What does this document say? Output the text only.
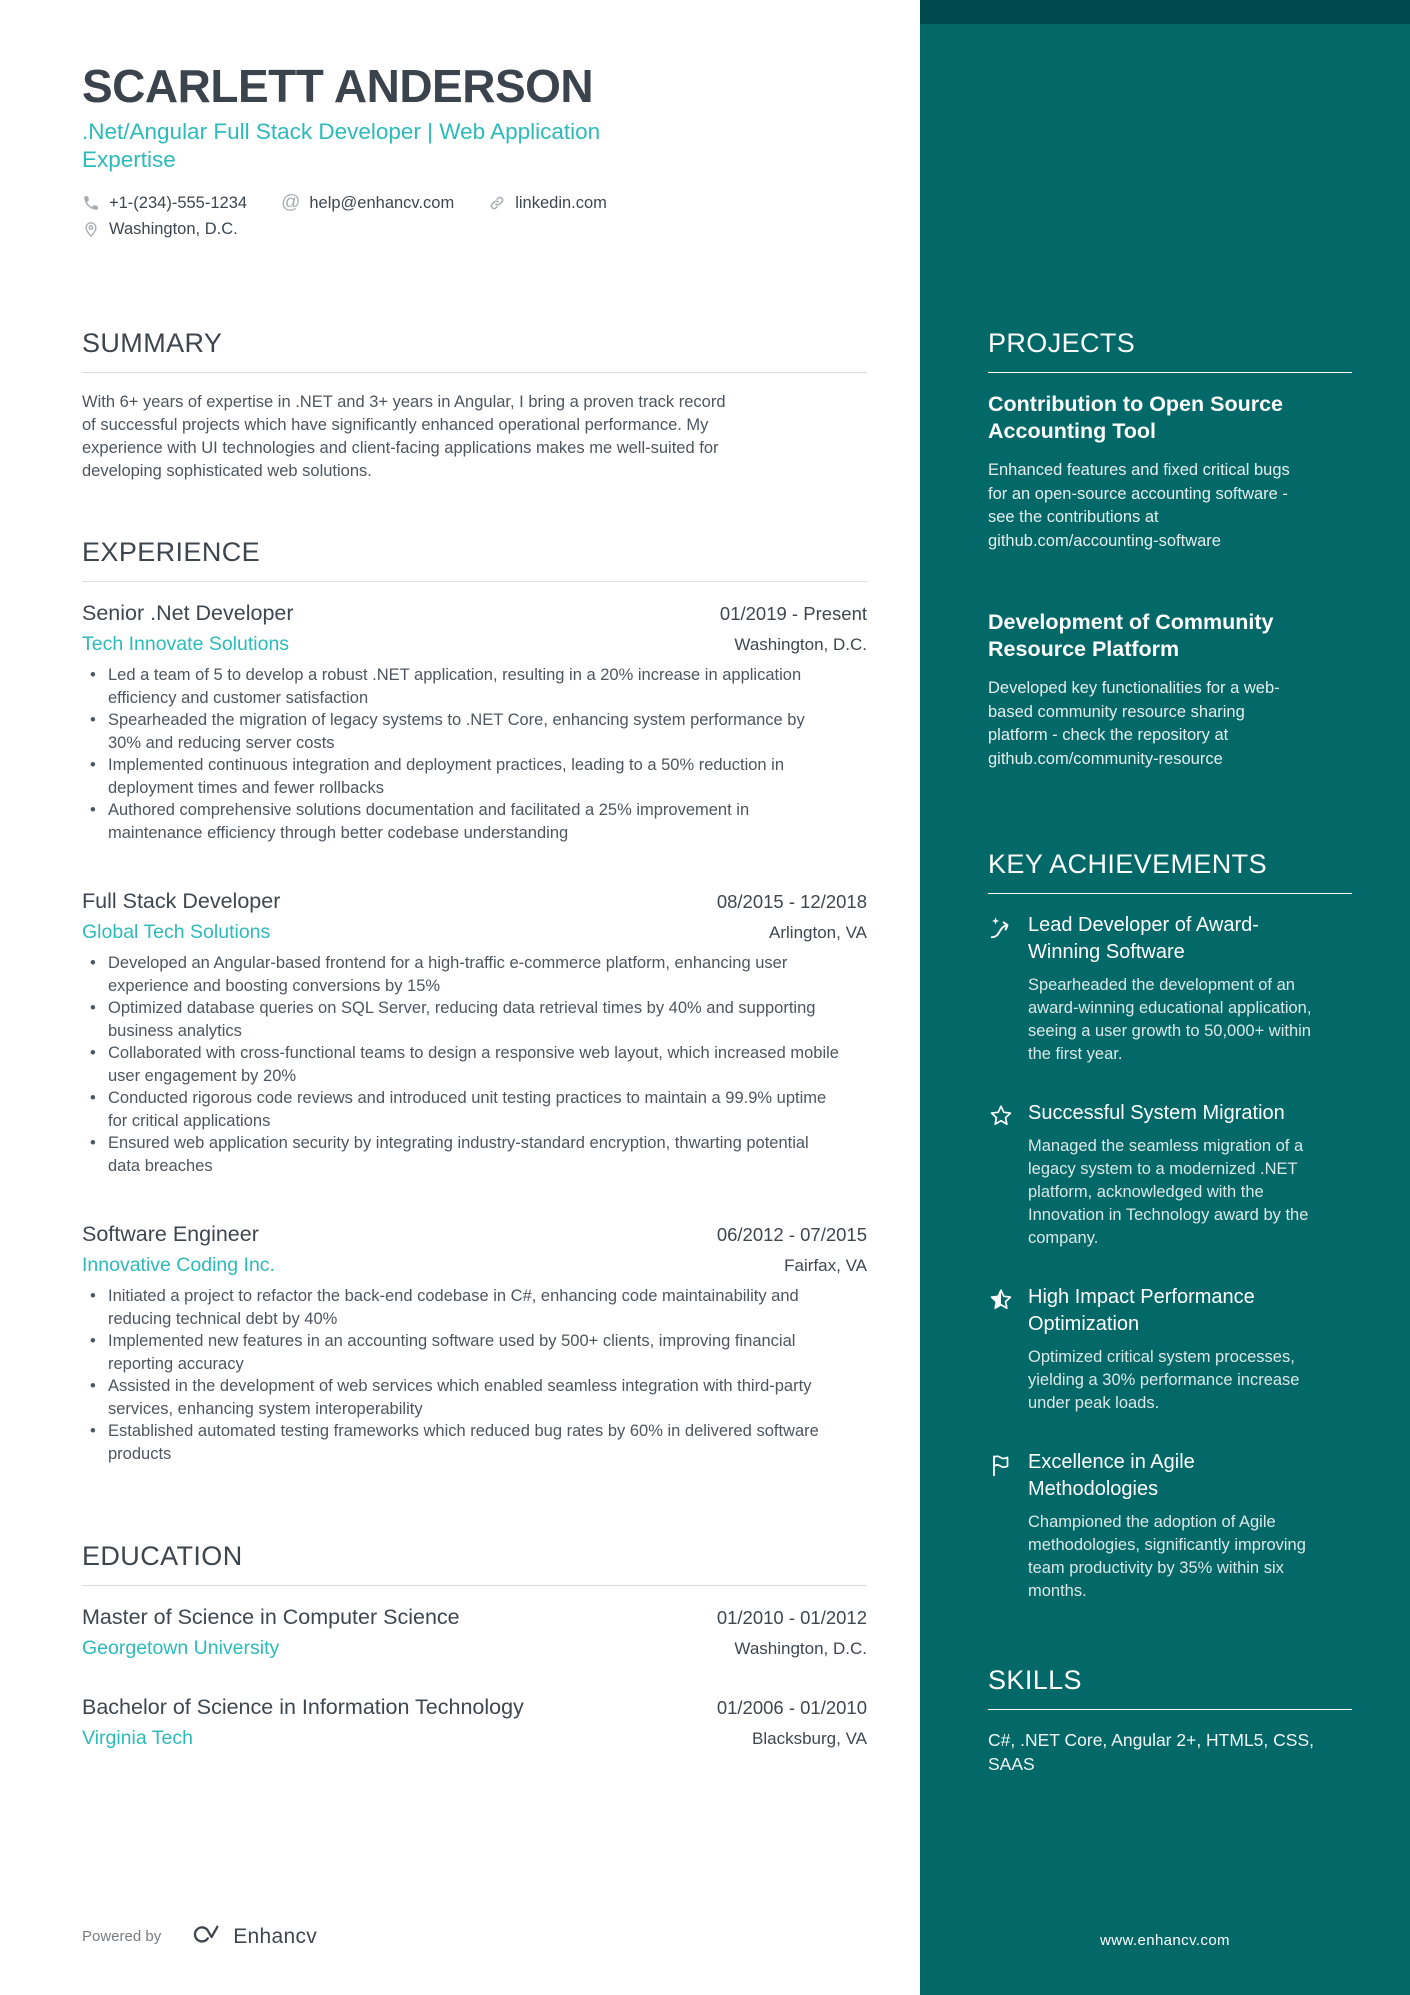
PROJECTS
Contribution to Open Source Accounting Tool
Enhanced features and fixed critical bugs for an open-source accounting software - see the contributions at github.com/accounting-software
Development of Community Resource Platform
Developed key functionalities for a web-based community resource sharing platform - check the repository at github.com/community-resource
KEY ACHIEVEMENTS
Lead Developer of Award-Winning Software
Spearheaded the development of an award-winning educational application, seeing a user growth to 50,000+ within the first year.
Successful System Migration
Managed the seamless migration of a legacy system to a modernized .NET platform, acknowledged with the Innovation in Technology award by the company.
High Impact Performance Optimization
Optimized critical system processes, yielding a 30% performance increase under peak loads.
Excellence in Agile Methodologies
Championed the adoption of Agile methodologies, significantly improving team productivity by 35% within six months.
SKILLS
C#, .NET Core, Angular 2+, HTML5, CSS, SAAS
SCARLETT ANDERSON
.Net/Angular Full Stack Developer | Web Application Expertise
+1-(234)-555-1234 @ help@enhancv.com	linkedin.com
Washington, D.C.
SUMMARY

With 6+ years of expertise in .NET and 3+ years in Angular, I bring a proven track record of successful projects which have significantly enhanced operational performance. My experience with UI technologies and client-facing applications makes me well-suited for developing sophisticated web solutions.

EXPERIENCE
Senior .Net Developer	01/2019 - Present
Tech Innovate Solutions	Washington, D.C.
• Led a team of 5 to develop a robust .NET application, resulting in a 20% increase in application efficiency and customer satisfaction
• Spearheaded the migration of legacy systems to .NET Core, enhancing system performance by 30% and reducing server costs
• Implemented continuous integration and deployment practices, leading to a 50% reduction in deployment times and fewer rollbacks
• Authored comprehensive solutions documentation and facilitated a 25% improvement in maintenance efficiency through better codebase understanding
Full Stack Developer	08/2015 - 12/2018
Global Tech Solutions	Arlington, VA
• Developed an Angular-based frontend for a high-traffic e-commerce platform, enhancing user experience and boosting conversions by 15%
• Optimized database queries on SQL Server, reducing data retrieval times by 40% and supporting business analytics
• Collaborated with cross-functional teams to design a responsive web layout, which increased mobile user engagement by 20%
• Conducted rigorous code reviews and introduced unit testing practices to maintain a 99.9% uptime for critical applications
• Ensured web application security by integrating industry-standard encryption, thwarting potential data breaches
Software Engineer	06/2012 - 07/2015
Innovative Coding Inc.	Fairfax, VA
• Initiated a project to refactor the back-end codebase in C#, enhancing code maintainability and reducing technical debt by 40%
• Implemented new features in an accounting software used by 500+ clients, improving financial reporting accuracy
• Assisted in the development of web services which enabled seamless integration with third-party services, enhancing system interoperability
• Established automated testing frameworks which reduced bug rates by 60% in delivered software products
EDUCATION
Master of Science in Computer Science	01/2010 - 01/2012
Georgetown University	Washington, D.C.
Bachelor of Science in Information Technology	01/2006 - 01/2010
Virginia Tech	Blacksburg, VA
Powered by	Enhancv	www.enhancv.com
